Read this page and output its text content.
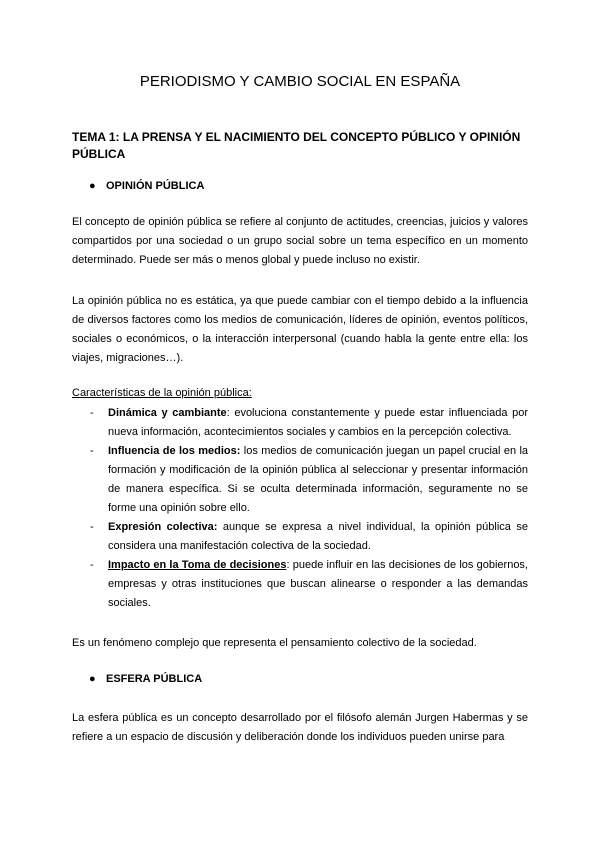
PERIODISMO Y CAMBIO SOCIAL EN ESPAÑA
TEMA 1: LA PRENSA Y EL NACIMIENTO DEL CONCEPTO PÚBLICO Y OPINIÓN PÚBLICA
● OPINIÓN PÚBLICA

El concepto de opinión pública se refiere al conjunto de actitudes, creencias, juicios y valores compartidos por una sociedad o un grupo social sobre un tema específico en un momento determinado. Puede ser más o menos global y puede incluso no existir.

La opinión pública no es estática, ya que puede cambiar con el tiempo debido a la influencia de diversos factores como los medios de comunicación, líderes de opinión, eventos políticos, sociales o económicos, o la interacción interpersonal (cuando habla la gente entre ella: los viajes, migraciones…).

Características de la opinión pública:
- Dinámica y cambiante: evoluciona constantemente y puede estar influenciada por nueva información, acontecimientos sociales y cambios en la percepción colectiva.
- Influencia de los medios: los medios de comunicación juegan un papel crucial en la formación y modificación de la opinión pública al seleccionar y presentar información de manera específica. Si se oculta determinada información, seguramente no se forme una opinión sobre ello.
- Expresión colectiva: aunque se expresa a nivel individual, la opinión pública se considera una manifestación colectiva de la sociedad.
- Impacto en la Toma de decisiones: puede influir en las decisiones de los gobiernos, empresas y otras instituciones que buscan alinearse o responder a las demandas sociales.

Es un fenómeno complejo que representa el pensamiento colectivo de la sociedad.

● ESFERA PÚBLICA

La esfera pública es un concepto desarrollado por el filósofo alemán Jurgen Habermas y se refiere a un espacio de discusión y deliberación donde los individuos pueden unirse para
